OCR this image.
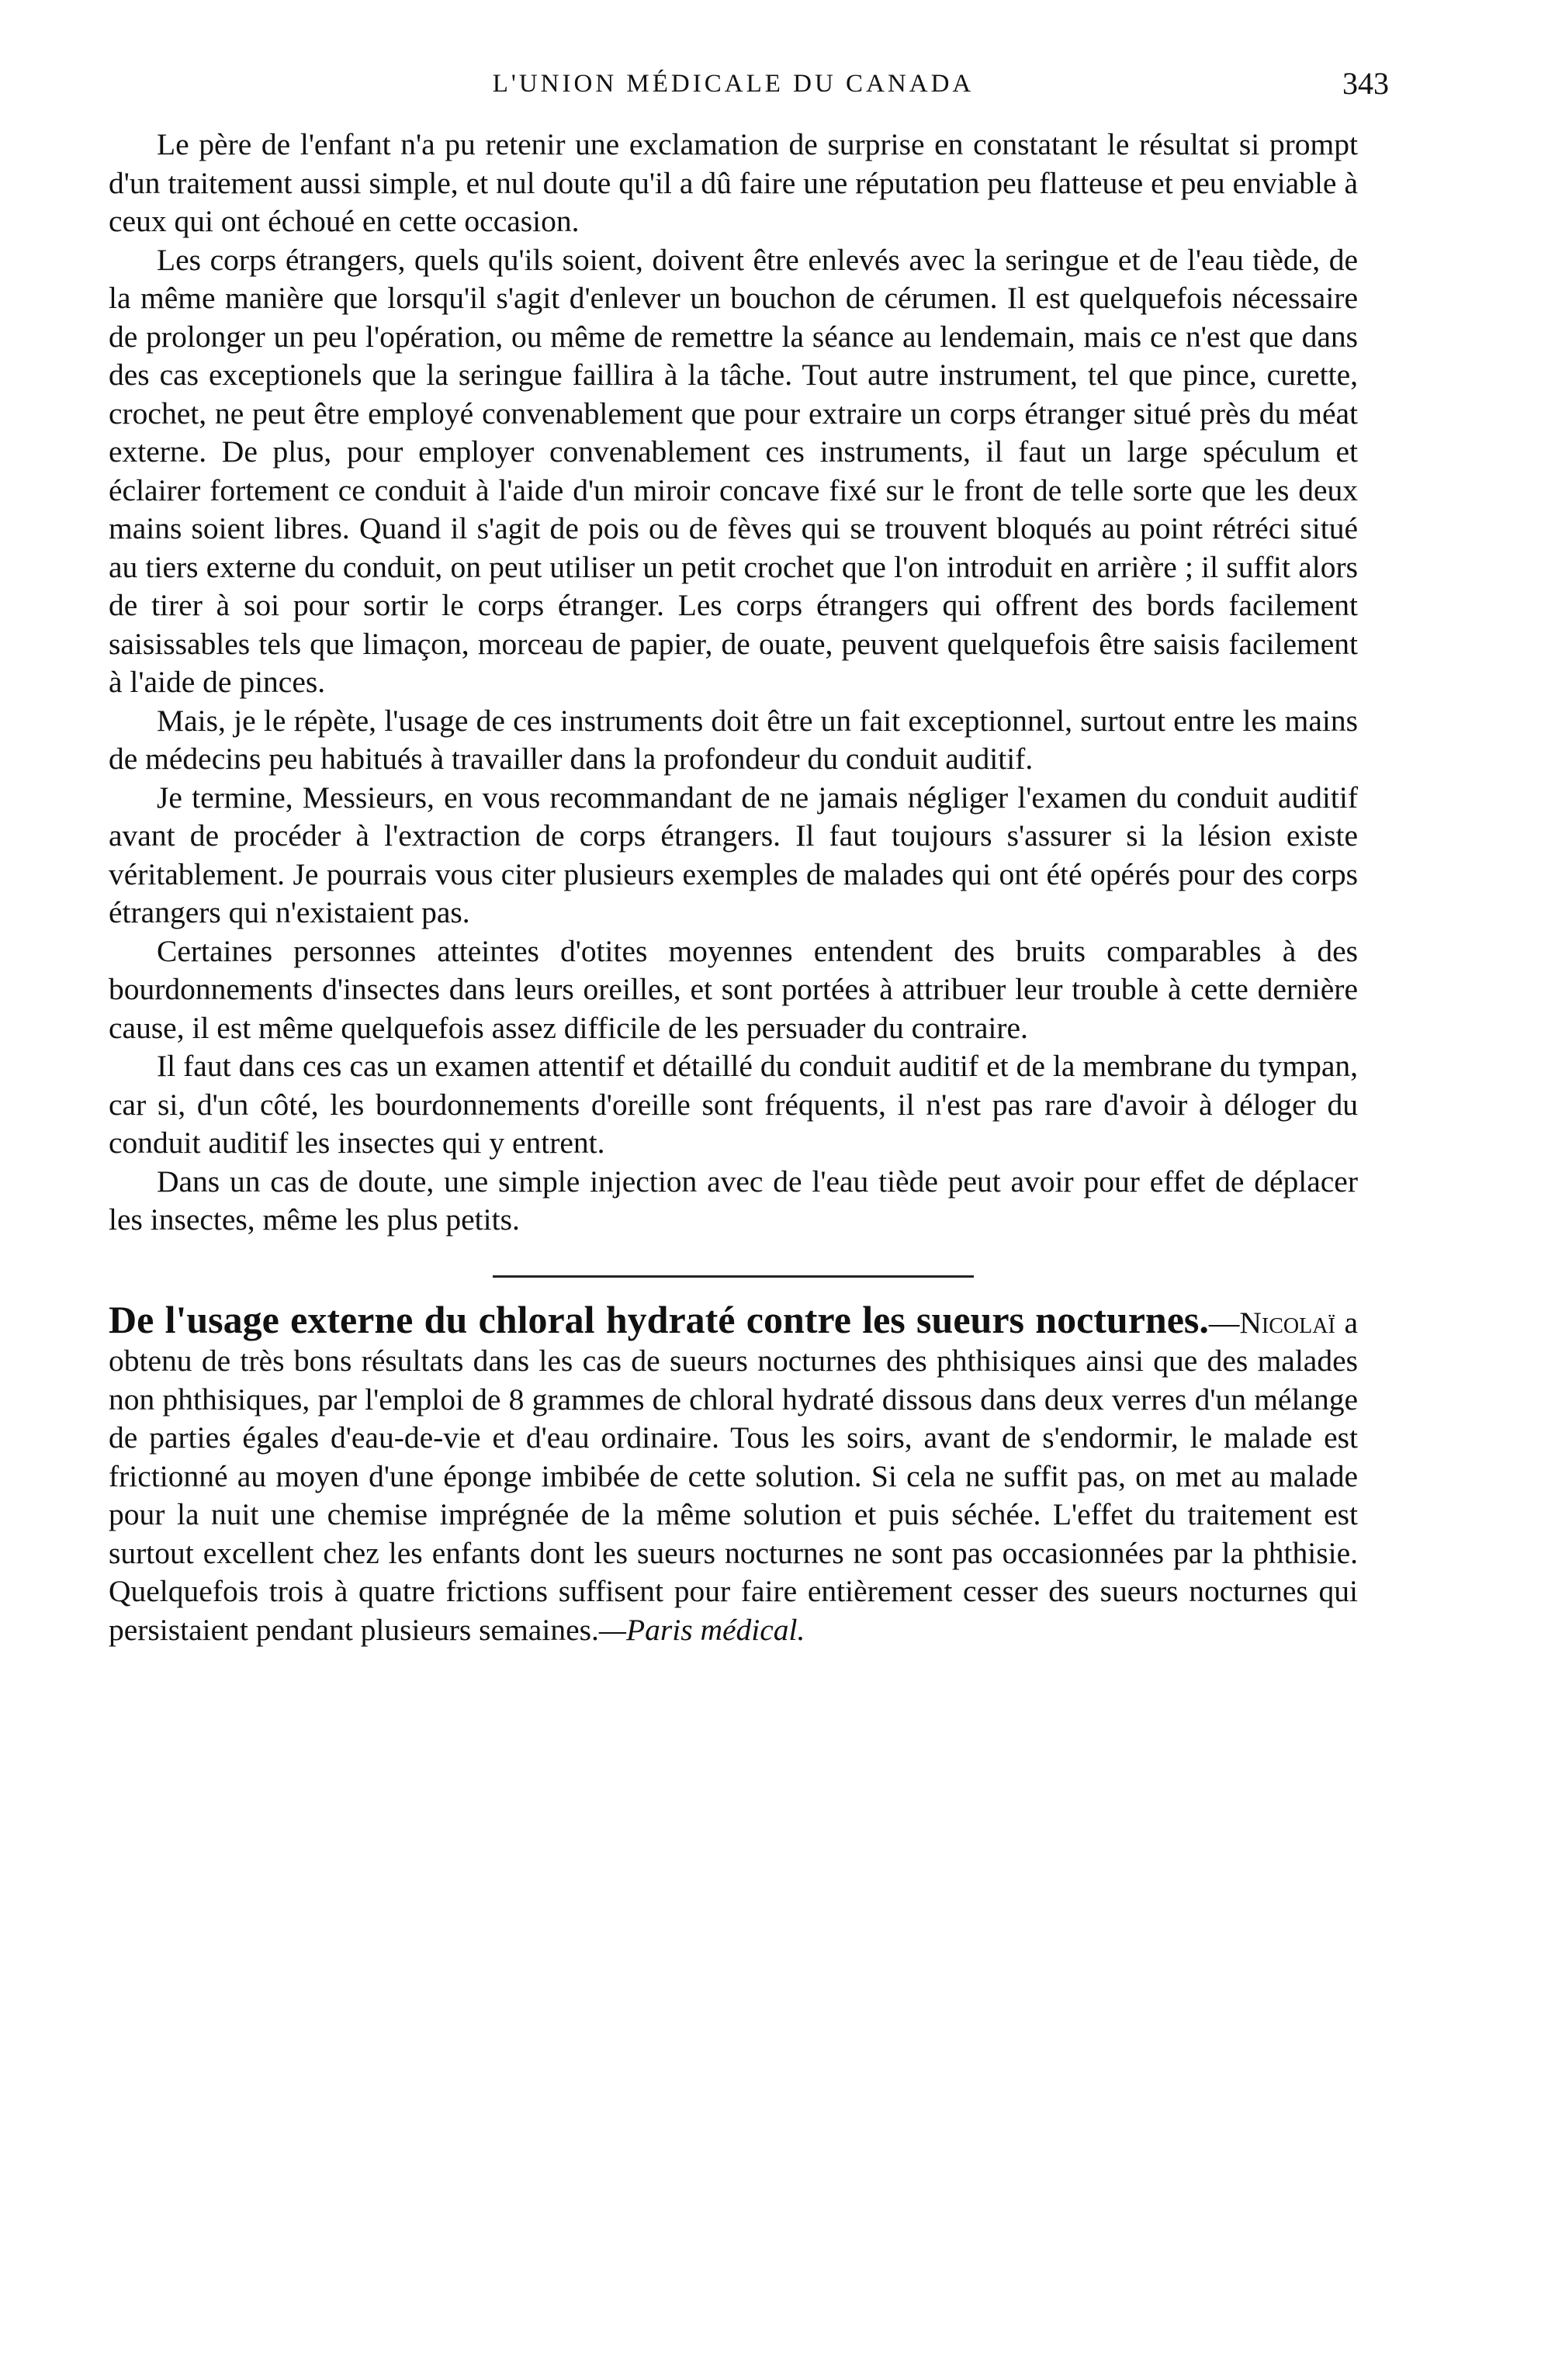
L'UNION MÉDICALE DU CANADA	343

Le père de l'enfant n'a pu retenir une exclamation de surprise en constatant le résultat si prompt d'un traitement aussi simple, et nul doute qu'il a dû faire une réputation peu flatteuse et peu enviable à ceux qui ont échoué en cette occasion.

Les corps étrangers, quels qu'ils soient, doivent être enlevés avec la seringue et de l'eau tiède, de la même manière que lorsqu'il s'agit d'enlever un bouchon de cérumen. Il est quelquefois nécessaire de prolonger un peu l'opération, ou même de remettre la séance au lendemain, mais ce n'est que dans des cas exceptionels que la seringue faillira à la tâche. Tout autre instrument, tel que pince, curette, crochet, ne peut être employé convenablement que pour extraire un corps étranger situé près du méat externe. De plus, pour employer convenablement ces instruments, il faut un large spéculum et éclairer fortement ce conduit à l'aide d'un miroir concave fixé sur le front de telle sorte que les deux mains soient libres. Quand il s'agit de pois ou de fèves qui se trouvent bloqués au point rétréci situé au tiers externe du conduit, on peut utiliser un petit crochet que l'on introduit en arrière ; il suffit alors de tirer à soi pour sortir le corps étranger. Les corps étrangers qui offrent des bords facilement saisissables tels que limaçon, morceau de papier, de ouate, peuvent quelquefois être saisis facilement à l'aide de pinces.

Mais, je le répète, l'usage de ces instruments doit être un fait exceptionnel, surtout entre les mains de médecins peu habitués à travailler dans la profondeur du conduit auditif.

Je termine, Messieurs, en vous recommandant de ne jamais négliger l'examen du conduit auditif avant de procéder à l'extraction de corps étrangers. Il faut toujours s'assurer si la lésion existe véritablement. Je pourrais vous citer plusieurs exemples de malades qui ont été opérés pour des corps étrangers qui n'existaient pas.

Certaines personnes atteintes d'otites moyennes entendent des bruits comparables à des bourdonnements d'insectes dans leurs oreilles, et sont portées à attribuer leur trouble à cette dernière cause, il est même quelquefois assez difficile de les persuader du contraire.

Il faut dans ces cas un examen attentif et détaillé du conduit auditif et de la membrane du tympan, car si, d'un côté, les bourdonnements d'oreille sont fréquents, il n'est pas rare d'avoir à déloger du conduit auditif les insectes qui y entrent.

Dans un cas de doute, une simple injection avec de l'eau tiède peut avoir pour effet de déplacer les insectes, même les plus petits.

De l'usage externe du chloral hydraté contre les sueurs nocturnes.—Nicolaï a obtenu de très bons résultats dans les cas de sueurs nocturnes des phthisiques ainsi que des malades non phthisiques, par l'emploi de 8 grammes de chloral hydraté dissous dans deux verres d'un mélange de parties égales d'eau-de-vie et d'eau ordinaire. Tous les soirs, avant de s'endormir, le malade est frictionné au moyen d'une éponge imbibée de cette solution. Si cela ne suffit pas, on met au malade pour la nuit une chemise imprégnée de la même solution et puis séchée. L'effet du traitement est surtout excellent chez les enfants dont les sueurs nocturnes ne sont pas occasionnées par la phthisie. Quelquefois trois à quatre frictions suffisent pour faire entièrement cesser des sueurs nocturnes qui persistaient pendant plusieurs semaines.—Paris médical.
